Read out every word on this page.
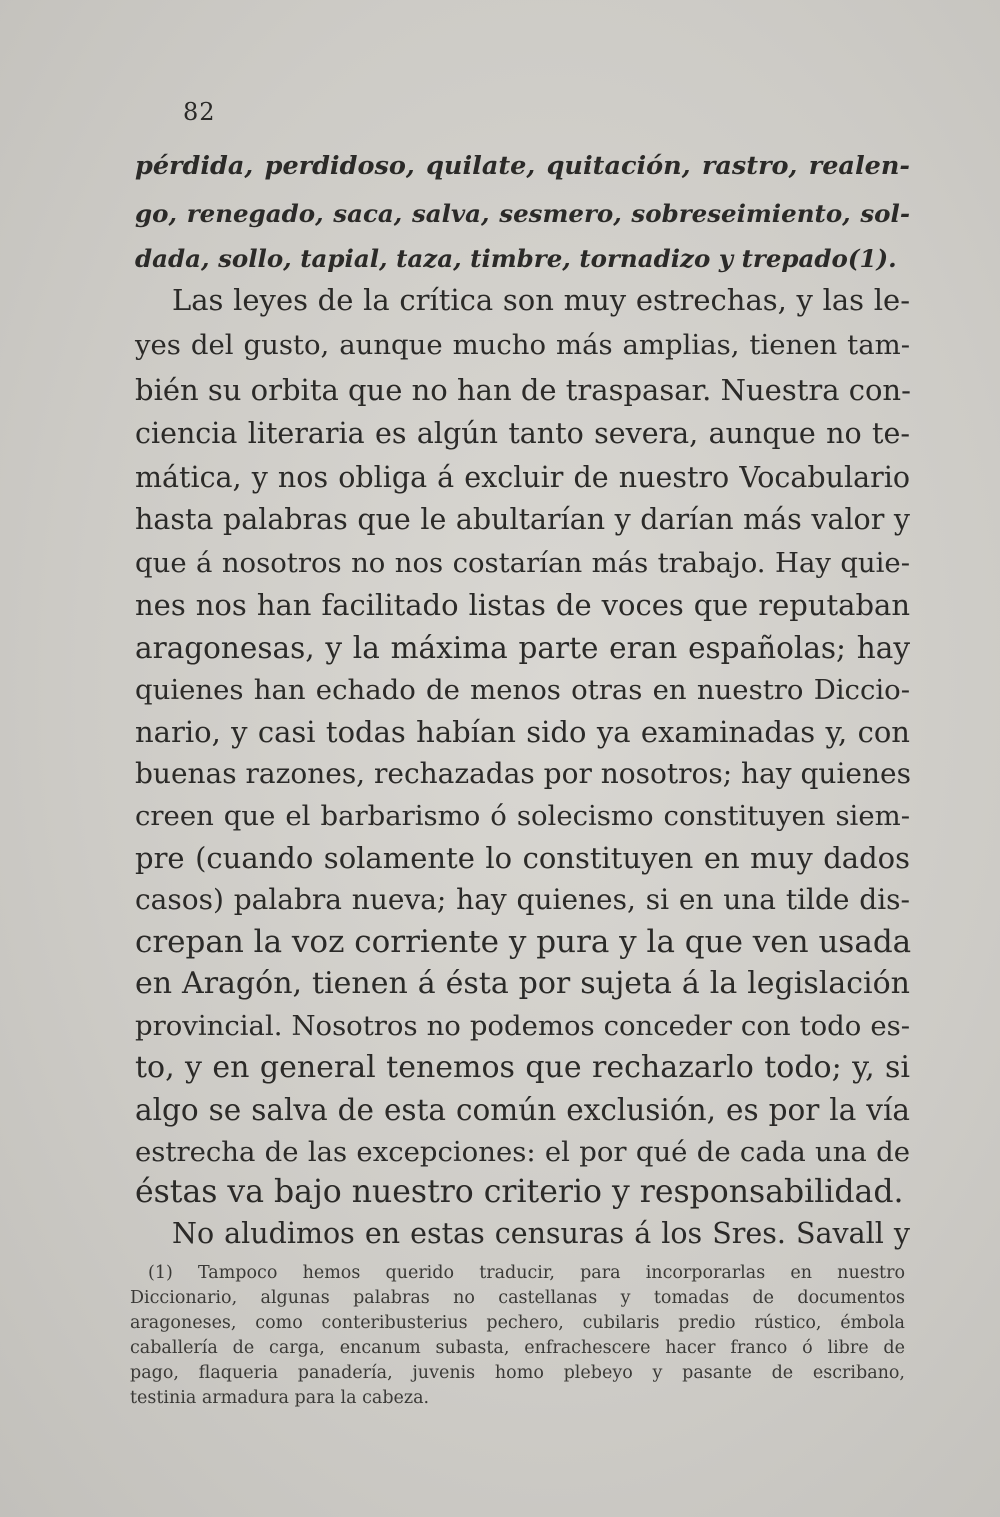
82
pérdida, perdidoso, quilate, quitación, rastro, realen-
go, renegado, saca, salva, sesmero, sobreseimiento, sol-
dada, sollo, tapial, taza, timbre, tornadizo y trepado(1).
Las leyes de la crítica son muy estrechas, y las le-
yes del gusto, aunque mucho más amplias, tienen tam-
bién su orbita que no han de traspasar. Nuestra con-
ciencia literaria es algún tanto severa, aunque no te-
mática, y nos obliga á excluir de nuestro Vocabulario
hasta palabras que le abultarían y darían más valor y
que á nosotros no nos costarían más trabajo. Hay quie-
nes nos han facilitado listas de voces que reputaban
aragonesas, y la máxima parte eran españolas; hay
quienes han echado de menos otras en nuestro Diccio-
nario, y casi todas habían sido ya examinadas y, con
buenas razones, rechazadas por nosotros; hay quienes
creen que el barbarismo ó solecismo constituyen siem-
pre (cuando solamente lo constituyen en muy dados
casos) palabra nueva; hay quienes, si en una tilde dis-
crepan la voz corriente y pura y la que ven usada
en Aragón, tienen á ésta por sujeta á la legislación
provincial. Nosotros no podemos conceder con todo es-
to, y en general tenemos que rechazarlo todo; y, si
algo se salva de esta común exclusión, es por la vía
estrecha de las excepciones: el por qué de cada una de
éstas va bajo nuestro criterio y responsabilidad.
No aludimos en estas censuras á los Sres. Savall y
(1) Tampoco hemos querido traducir, para incorporarlas en nuestro
Diccionario, algunas palabras no castellanas y tomadas de documentos
aragoneses, como conteribusterius pechero, cubilaris predio rústico, émbola
caballería de carga, encanum subasta, enfrachescere hacer franco ó libre de
pago, flaqueria panadería, juvenis homo plebeyo y pasante de escribano,
testinia armadura para la cabeza.
